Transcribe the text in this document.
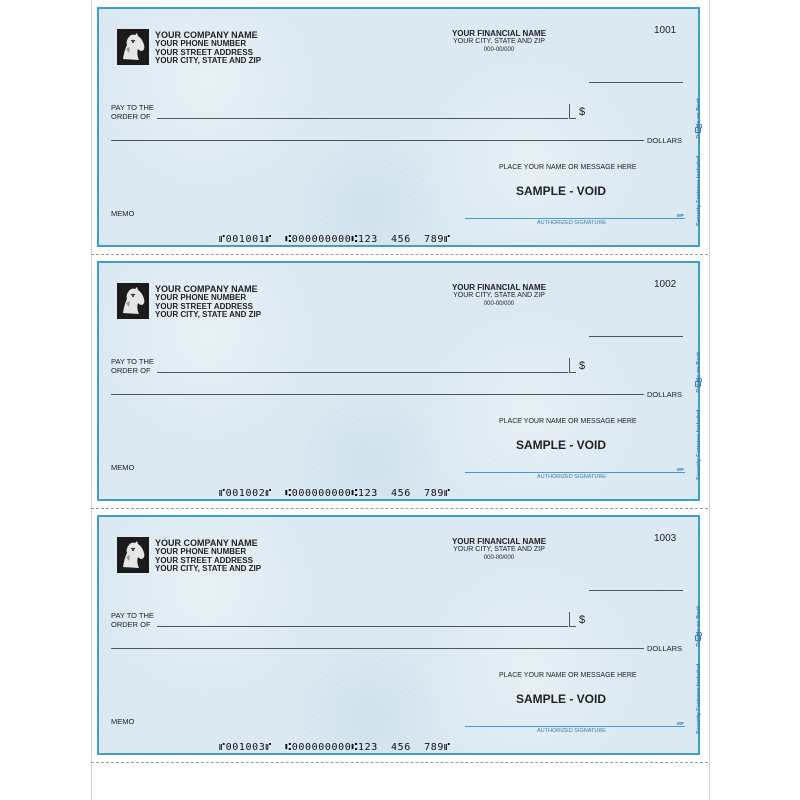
YOUR COMPANY NAME
YOUR PHONE NUMBER
YOUR STREET ADDRESS
YOUR CITY, STATE AND ZIP
YOUR FINANCIAL NAME
YOUR CITY, STATE AND ZIP
000-00/000
1001
PAY TO THE
ORDER OF	$
DOLLARS
PLACE YOUR NAME OR MESSAGE HERE
SAMPLE - VOID
MEMO
AUTHORIZED SIGNATURE
MP
⑈001001⑈  ⑆000000000⑆123  456  789⑈
Security Features Included  Details on Back
YOUR COMPANY NAME
YOUR PHONE NUMBER
YOUR STREET ADDRESS
YOUR CITY, STATE AND ZIP
YOUR FINANCIAL NAME
YOUR CITY, STATE AND ZIP
000-00/000
1002
PAY TO THE
ORDER OF	$
DOLLARS
PLACE YOUR NAME OR MESSAGE HERE
SAMPLE - VOID
MEMO
AUTHORIZED SIGNATURE
MP
⑈001002⑈  ⑆000000000⑆123  456  789⑈
Security Features Included  Details on Back
YOUR COMPANY NAME
YOUR PHONE NUMBER
YOUR STREET ADDRESS
YOUR CITY, STATE AND ZIP
YOUR FINANCIAL NAME
YOUR CITY, STATE AND ZIP
000-00/000
1003
PAY TO THE
ORDER OF	$
DOLLARS
PLACE YOUR NAME OR MESSAGE HERE
SAMPLE - VOID
MEMO
AUTHORIZED SIGNATURE
MP
⑈001003⑈  ⑆000000000⑆123  456  789⑈
Security Features Included  Details on Back
